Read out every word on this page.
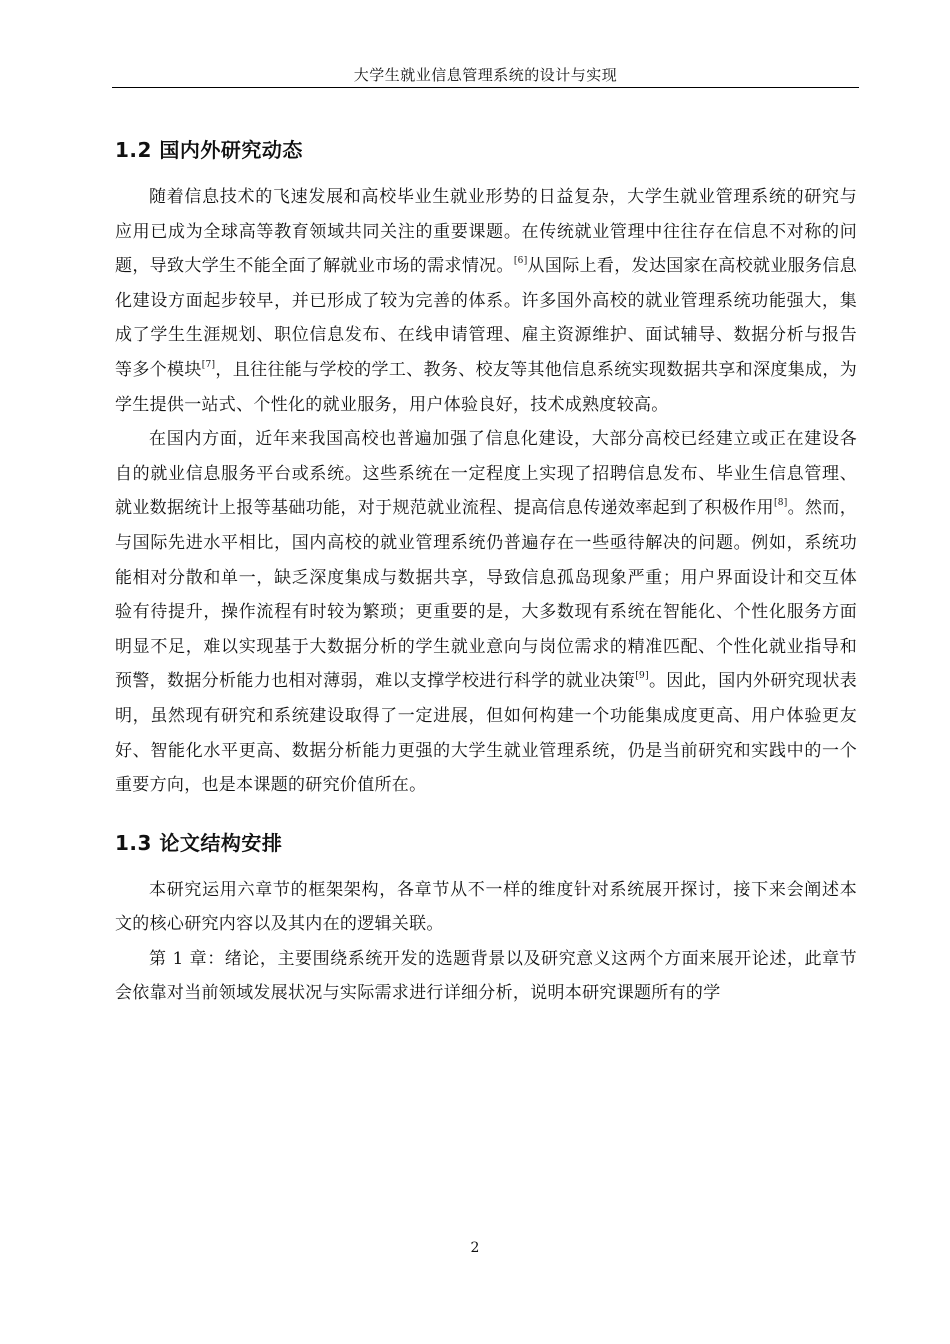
大学生就业信息管理系统的设计与实现
1.2 国内外研究动态

随着信息技术的飞速发展和高校毕业生就业形势的日益复杂，大学生就业管理系统的研究与应用已成为全球高等教育领域共同关注的重要课题。在传统就业管理中往往存在信息不对称的问题，导致大学生不能全面了解就业市场的需求情况。[6]从国际上看，发达国家在高校就业服务信息化建设方面起步较早，并已形成了较为完善的体系。许多国外高校的就业管理系统功能强大，集成了学生生涯规划、职位信息发布、在线申请管理、雇主资源维护、面试辅导、数据分析与报告等多个模块[7]，且往往能与学校的学工、教务、校友等其他信息系统实现数据共享和深度集成，为学生提供一站式、个性化的就业服务，用户体验良好，技术成熟度较高。

在国内方面，近年来我国高校也普遍加强了信息化建设，大部分高校已经建立或正在建设各自的就业信息服务平台或系统。这些系统在一定程度上实现了招聘信息发布、毕业生信息管理、就业数据统计上报等基础功能，对于规范就业流程、提高信息传递效率起到了积极作用[8]。然而，与国际先进水平相比，国内高校的就业管理系统仍普遍存在一些亟待解决的问题。例如，系统功能相对分散和单一，缺乏深度集成与数据共享，导致信息孤岛现象严重；用户界面设计和交互体验有待提升，操作流程有时较为繁琐；更重要的是，大多数现有系统在智能化、个性化服务方面明显不足，难以实现基于大数据分析的学生就业意向与岗位需求的精准匹配、个性化就业指导和预警，数据分析能力也相对薄弱，难以支撑学校进行科学的就业决策[9]。因此，国内外研究现状表明，虽然现有研究和系统建设取得了一定进展，但如何构建一个功能集成度更高、用户体验更友好、智能化水平更高、数据分析能力更强的大学生就业管理系统，仍是当前研究和实践中的一个重要方向，也是本课题的研究价值所在。

1.3 论文结构安排

本研究运用六章节的框架架构，各章节从不一样的维度针对系统展开探讨，接下来会阐述本文的核心研究内容以及其内在的逻辑关联。

第 1 章：绪论，主要围绕系统开发的选题背景以及研究意义这两个方面来展开论述，此章节会依靠对当前领域发展状况与实际需求进行详细分析，说明本研究课题所有的学

2
